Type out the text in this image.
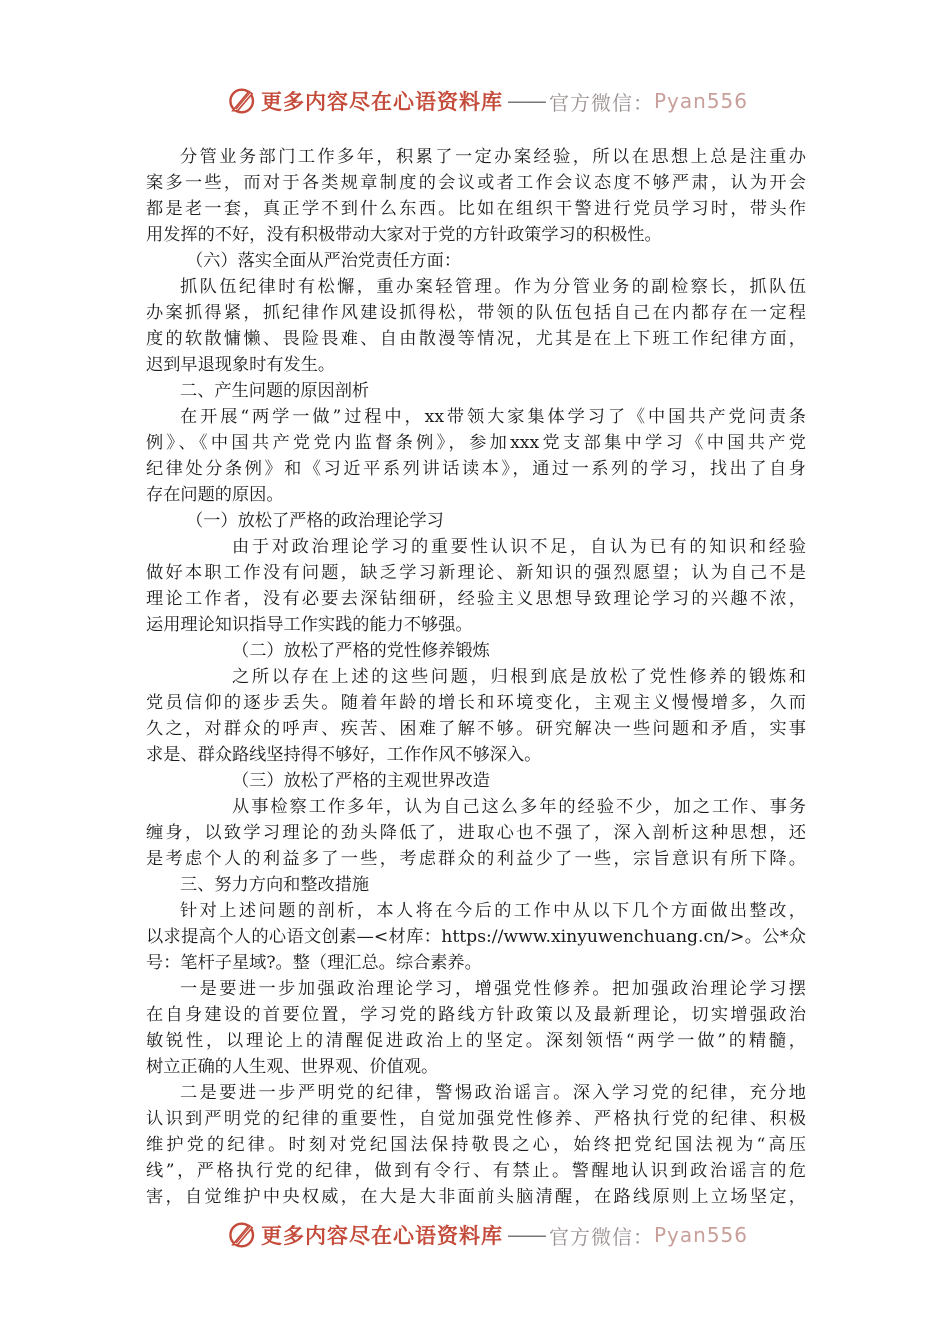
更多内容尽在心语资料库 —— 官方微信： Pyan556
分管业务部门工作多年，积累了一定办案经验，所以在思想上总是注重办
案多一些，而对于各类规章制度的会议或者工作会议态度不够严肃，认为开会
都是老一套，真正学不到什么东西。比如在组织干警进行党员学习时，带头作
用发挥的不好，没有积极带动大家对于党的方针政策学习的积极性。
（六）落实全面从严治党责任方面：
抓队伍纪律时有松懈，重办案轻管理。作为分管业务的副检察长，抓队伍
办案抓得紧，抓纪律作风建设抓得松，带领的队伍包括自己在内都存在一定程
度的软散慵懒、畏险畏难、自由散漫等情况，尤其是在上下班工作纪律方面，
迟到早退现象时有发生。
二、产生问题的原因剖析
在开展“两学一做”过程中，xx带领大家集体学习了《中国共产党问责条
例》、《中国共产党党内监督条例》，参加xxx党支部集中学习《中国共产党
纪律处分条例》和《习近平系列讲话读本》，通过一系列的学习，找出了自身
存在问题的原因。
（一）放松了严格的政治理论学习
由于对政治理论学习的重要性认识不足，自认为已有的知识和经验
做好本职工作没有问题，缺乏学习新理论、新知识的强烈愿望；认为自己不是
理论工作者，没有必要去深钻细研，经验主义思想导致理论学习的兴趣不浓，
运用理论知识指导工作实践的能力不够强。
（二）放松了严格的党性修养锻炼
之所以存在上述的这些问题，归根到底是放松了党性修养的锻炼和
党员信仰的逐步丢失。随着年龄的增长和环境变化，主观主义慢慢增多，久而
久之，对群众的呼声、疾苦、困难了解不够。研究解决一些问题和矛盾，实事
求是、群众路线坚持得不够好，工作作风不够深入。
（三）放松了严格的主观世界改造
从事检察工作多年，认为自己这么多年的经验不少，加之工作、事务
缠身，以致学习理论的劲头降低了，进取心也不强了，深入剖析这种思想，还
是考虑个人的利益多了一些，考虑群众的利益少了一些，宗旨意识有所下降。
三、努力方向和整改措施
针对上述问题的剖析，本人将在今后的工作中从以下几个方面做出整改，
以求提高个人的心语文创素—<材库：https://www.xinyuwenchuang.cn/>。公*众
号：笔杆子星域?。整（理汇总。综合素养。
一是要进一步加强政治理论学习，增强党性修养。把加强政治理论学习摆
在自身建设的首要位置，学习党的路线方针政策以及最新理论，切实增强政治
敏锐性，以理论上的清醒促进政治上的坚定。深刻领悟“两学一做”的精髓，
树立正确的人生观、世界观、价值观。
二是要进一步严明党的纪律，警惕政治谣言。深入学习党的纪律，充分地
认识到严明党的纪律的重要性，自觉加强党性修养、严格执行党的纪律、积极
维护党的纪律。时刻对党纪国法保持敬畏之心，始终把党纪国法视为“高压
线”，严格执行党的纪律，做到有令行、有禁止。警醒地认识到政治谣言的危
害，自觉维护中央权威，在大是大非面前头脑清醒，在路线原则上立场坚定，
更多内容尽在心语资料库 —— 官方微信： Pyan556
